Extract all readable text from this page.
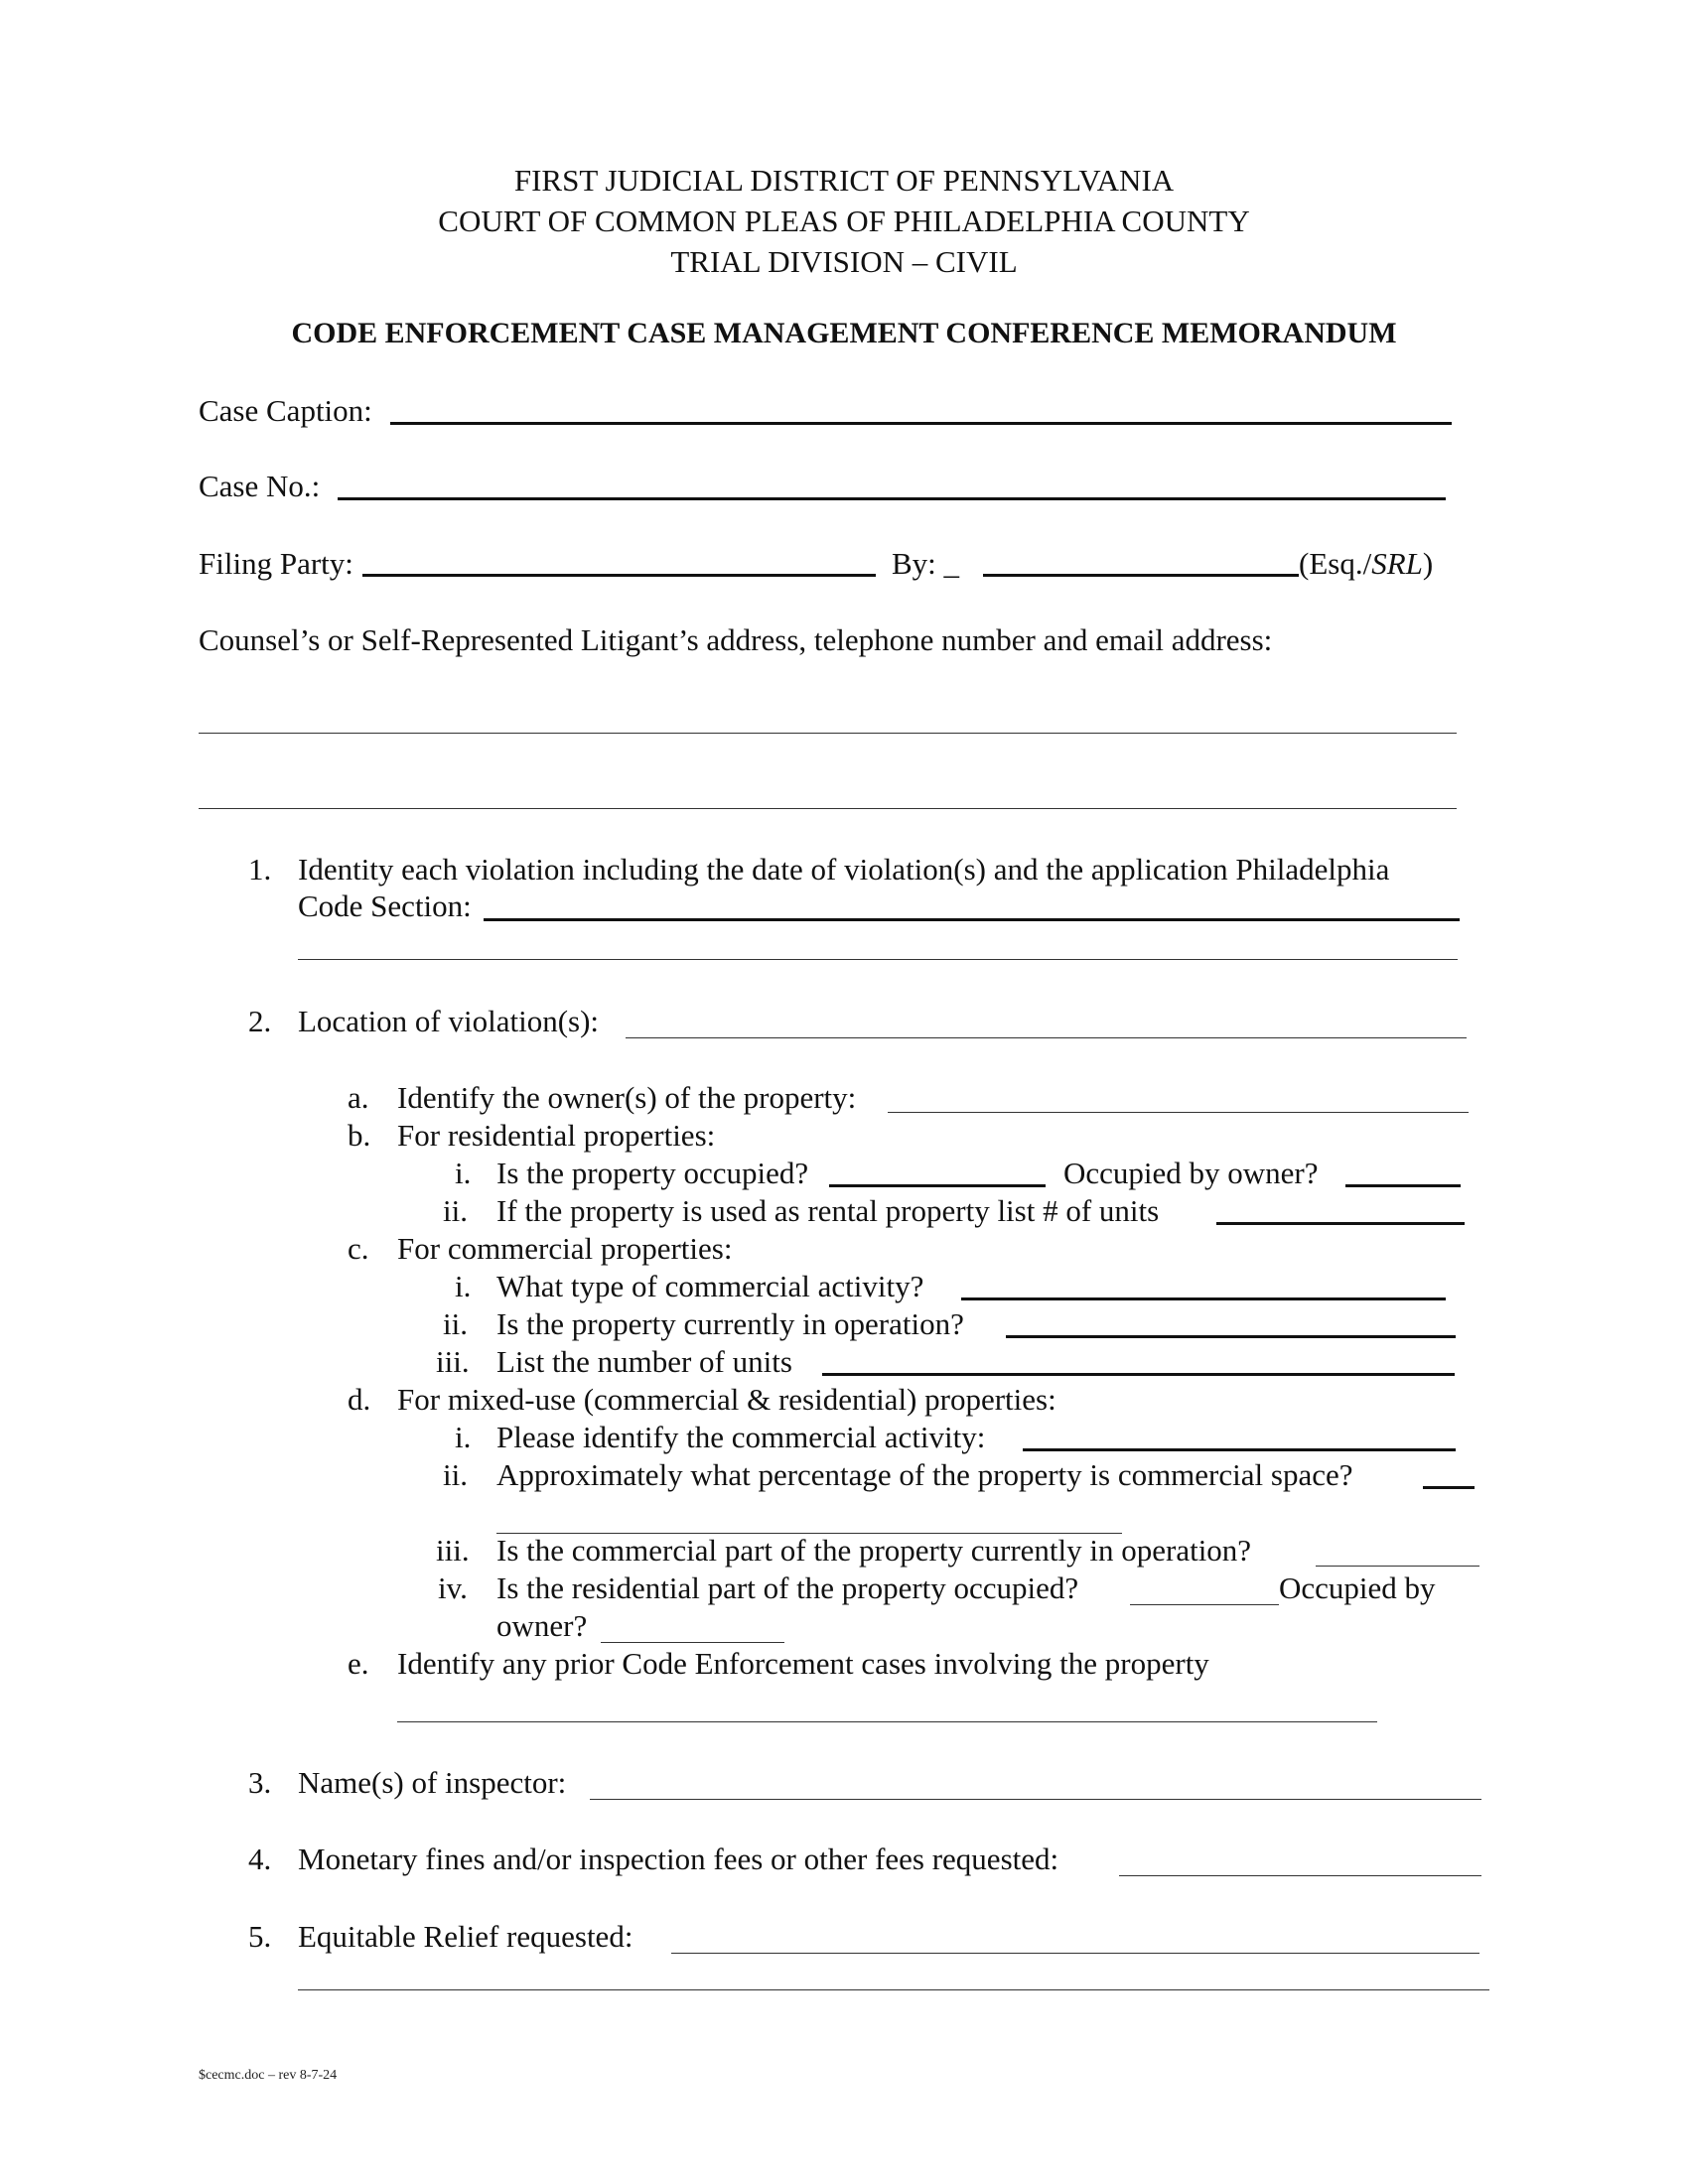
FIRST JUDICIAL DISTRICT OF PENNSYLVANIA
COURT OF COMMON PLEAS OF PHILADELPHIA COUNTY
TRIAL DIVISION – CIVIL
CODE ENFORCEMENT CASE MANAGEMENT CONFERENCE MEMORANDUM
Case Caption:
Case No.:
Filing Party:	By: _	(Esq./SRL)
Counsel’s or Self-Represented Litigant’s address, telephone number and email address:
1. Identity each violation including the date of violation(s) and the application Philadelphia
Code Section:
2. Location of violation(s):
a. Identify the owner(s) of the property:
b. For residential properties:
i. Is the property occupied?	Occupied by owner?
ii. If the property is used as rental property list # of units
c. For commercial properties:
i. What type of commercial activity?
ii. Is the property currently in operation?
iii. List the number of units
d. For mixed-use (commercial & residential) properties:
i. Please identify the commercial activity:
ii. Approximately what percentage of the property is commercial space?
iii. Is the commercial part of the property currently in operation?
iv. Is the residential part of the property occupied?	Occupied by
owner?
e. Identify any prior Code Enforcement cases involving the property
3. Name(s) of inspector:
4. Monetary fines and/or inspection fees or other fees requested:
5. Equitable Relief requested:
$cecmc.doc – rev 8-7-24
